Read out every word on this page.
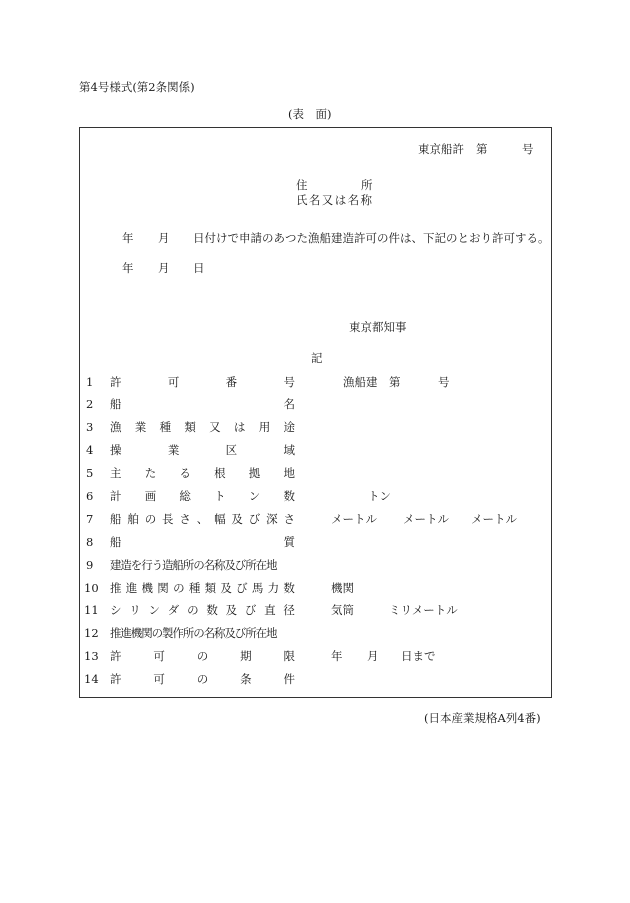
第4号様式(第2条関係)
(表　面)
東京船許 第	号
住	所
氏名又は名称
年 月 日付けで申請のあつた漁船建造許可の件は、下記のとおり許可する。
年 月 日
東京都知事
記
1 許	可	番	号	漁船建 第	号
2 船	名
3 漁 業 種 類 又 は 用 途
4 操	業	区	域
5 主 た る 根 拠 地
6 計 画 総 ト ン 数	トン
7 船 舶 の 長 さ 、 幅 及 び 深 さ	メートル メートル メートル
8 船	質
9 建造を行う造船所の名称及び所在地
10 推 進 機 関 の 種 類 及 び 馬 力 数	機関
11 シ リ ン ダ の 数 及 び 直 径	気筒	ミリメートル
12 推進機関の製作所の名称及び所在地
13 許	可	の	期	限	年 月 日まで
14 許	可	の	条	件
(日本産業規格A列4番)
